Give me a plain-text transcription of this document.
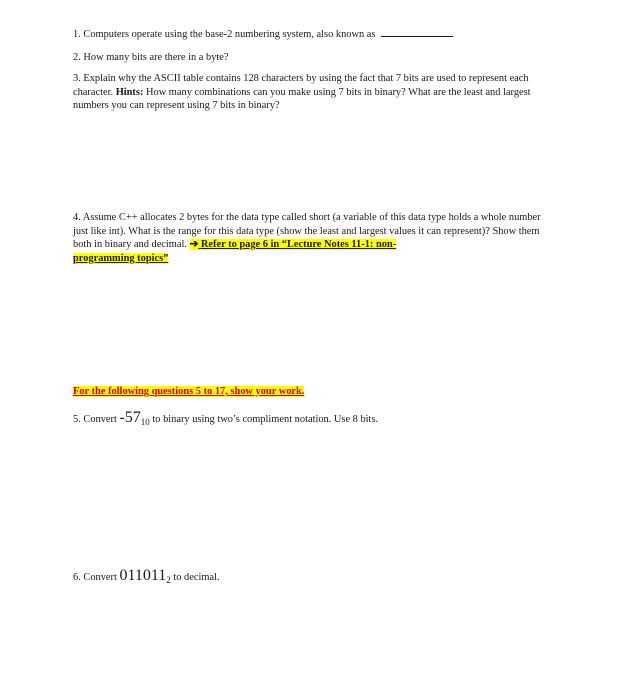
1. Computers operate using the base-2 numbering system, also known as
2. How many bits are there in a byte?
3. Explain why the ASCII table contains 128 characters by using the fact that 7 bits are used to represent each character. Hints: How many combinations can you make using 7 bits in binary? What are the least and largest numbers you can represent using 7 bits in binary?
4. Assume C++ allocates 2 bytes for the data type called short (a variable of this data type holds a whole number just like int). What is the range for this data type (show the least and largest values it can represent)? Show them both in binary and decimal. ➔ Refer to page 6 in “Lecture Notes 11-1: non-
programming topics”
For the following questions 5 to 17, show your work.
5. Convert $-57_{10}$ to binary using two’s compliment notation. Use 8 bits.
6. Convert $011011_2$ to decimal.
